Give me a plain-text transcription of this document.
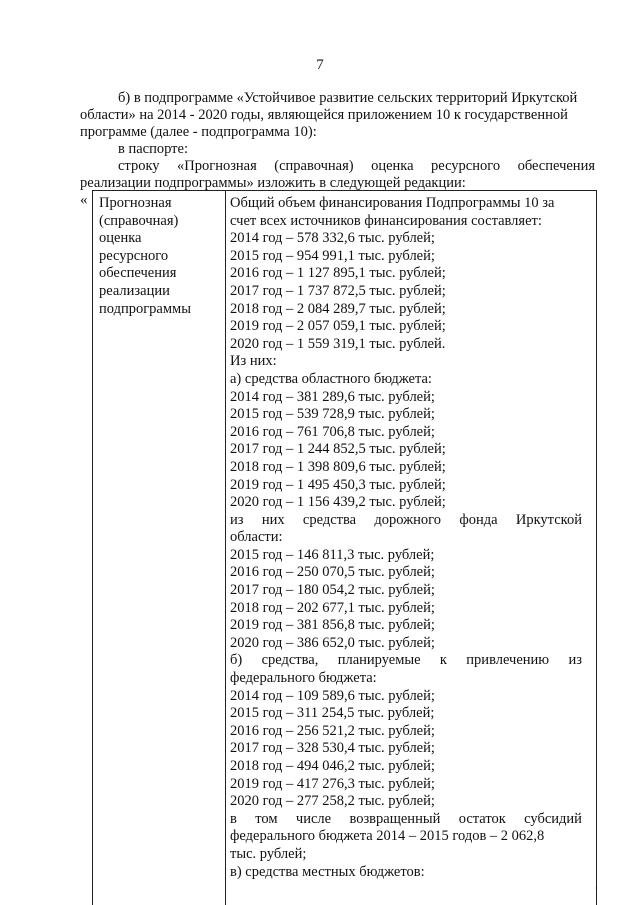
7
б) в подпрограмме «Устойчивое развитие сельских территорий Иркутской
области» на 2014 - 2020 годы, являющейся приложением 10 к государственной
программе (далее - подпрограмма 10):
в паспорте:
строку «Прогнозная (справочная) оценка ресурсного обеспечения
реализации подпрограммы» изложить в следующей редакции:
« Прогнозная
(справочная)
оценка
ресурсного
обеспечения
реализации
подпрограммы
Общий объем финансирования Подпрограммы 10 за
счет всех источников финансирования составляет:
2014 год – 578 332,6 тыс. рублей;
2015 год – 954 991,1 тыс. рублей;
2016 год – 1 127 895,1 тыс. рублей;
2017 год – 1 737 872,5 тыс. рублей;
2018 год – 2 084 289,7 тыс. рублей;
2019 год – 2 057 059,1 тыс. рублей;
2020 год – 1 559 319,1 тыс. рублей.
Из них:
а) средства областного бюджета:
2014 год – 381 289,6 тыс. рублей;
2015 год – 539 728,9 тыс. рублей;
2016 год – 761 706,8 тыс. рублей;
2017 год – 1 244 852,5 тыс. рублей;
2018 год – 1 398 809,6 тыс. рублей;
2019 год – 1 495 450,3 тыс. рублей;
2020 год – 1 156 439,2 тыс. рублей;
из них средства дорожного фонда Иркутской
области:
2015 год – 146 811,3 тыс. рублей;
2016 год – 250 070,5 тыс. рублей;
2017 год – 180 054,2 тыс. рублей;
2018 год – 202 677,1 тыс. рублей;
2019 год – 381 856,8 тыс. рублей;
2020 год – 386 652,0 тыс. рублей;
б) средства, планируемые к привлечению из
федерального бюджета:
2014 год – 109 589,6 тыс. рублей;
2015 год – 311 254,5 тыс. рублей;
2016 год – 256 521,2 тыс. рублей;
2017 год – 328 530,4 тыс. рублей;
2018 год – 494 046,2 тыс. рублей;
2019 год – 417 276,3 тыс. рублей;
2020 год – 277 258,2 тыс. рублей;
в том числе возвращенный остаток субсидий
федерального бюджета 2014 – 2015 годов – 2 062,8
тыс. рублей;
в) средства местных бюджетов:
·
